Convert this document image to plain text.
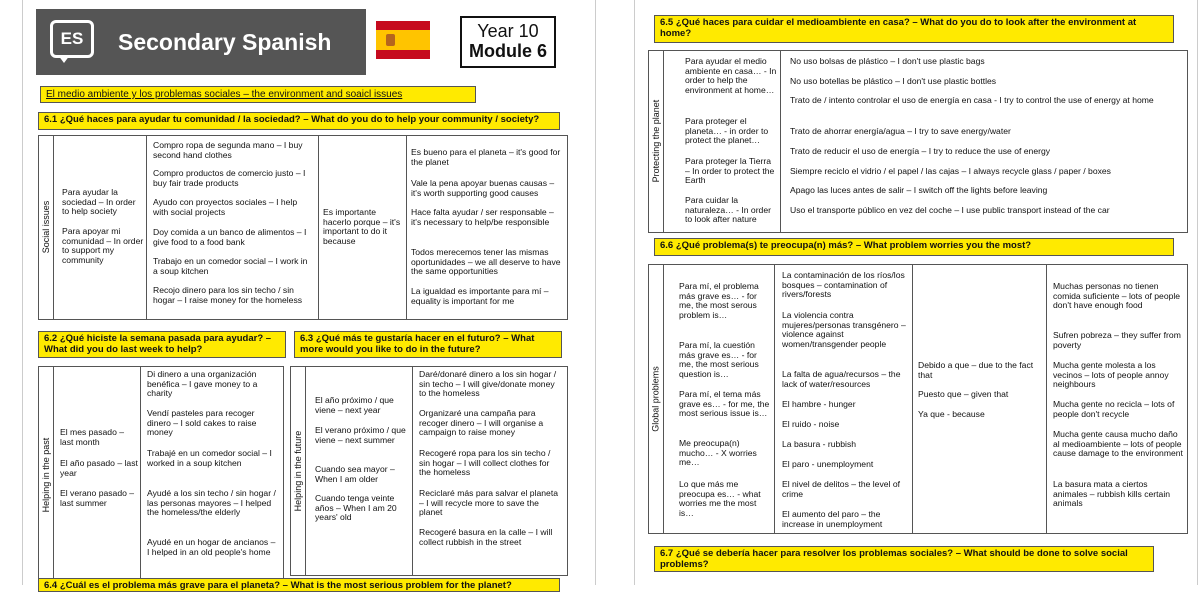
ES Secondary Spanish	Year 10
Module 6
El medio ambiente y los problemas sociales – the environment and soaicl issues
6.1 ¿Qué haces para ayudar tu comunidad / la sociedad? – What do you do to help your community / society?
Social issues
Para ayudar la sociedad – In order to help society
Para apoyar mi comunidad – In order to support my community
Compro ropa de segunda mano – I buy second hand clothes
Compro productos de comercio justo – I buy fair trade products
Ayudo con proyectos sociales – I help with social projects
Doy comida a un banco de alimentos – I give food to a food bank
Trabajo en un comedor social – I work in a soup kitchen
Recojo dinero para los sin techo / sin hogar – I raise money for the homeless
Es importante hacerlo porque – it's important to do it because
Es bueno para el planeta – it's good for the planet
Vale la pena apoyar buenas causas – it's worth supporting good causes
Hace falta ayudar / ser responsable – it's necessary to help/be responsible
Todos merecemos tener las mismas oportunidades – we all deserve to have the same opportunities
La igualdad es importante para mí – equality is important for me
6.2 ¿Qué hiciste la semana pasada para ayudar? – What did you do last week to help?
Helping in the past
El mes pasado – last month
El año pasado – last year
El verano pasado – last summer
Di dinero a una organización benéfica – I gave money to a charity
Vendí pasteles para recoger dinero – I sold cakes to raise money
Trabajé en un comedor social – I worked in a soup kitchen
Ayudé a los sin techo / sin hogar / las personas mayores – I helped the homeless/the elderly
Ayudé en un hogar de ancianos – I helped in an old people's home
6.3 ¿Qué más te gustaría hacer en el futuro? – What more would you like to do in the future?
Helping in the future
El año próximo / que viene – next year
El verano próximo / que viene – next summer
Cuando sea mayor – When I am older
Cuando tenga veinte años – When I am 20 years' old
Daré/donaré dinero a los sin hogar / sin techo – I will give/donate money to the homeless
Organizaré una campaña para recoger dinero – I will organise a campaign to raise money
Recogeré ropa para los sin techo / sin hogar – I will collect clothes for the homeless
Reciclaré más para salvar el planeta – I will recycle more to save the planet
Recogeré basura en la calle – I will collect rubbish in the street
6.4 ¿Cuál es el problema más grave para el planeta? – What is the most serious problem for the planet?
6.5 ¿Qué haces para cuidar el medioambiente en casa? – What do you do to look after the environment at home?
Protecting the planet
Para ayudar el medio ambiente en casa… - In order to help the environment at home…
Para proteger el planeta… - in order to protect the planet…
Para proteger la Tierra – In order to protect the Earth
Para cuidar la naturaleza… - In order to look after nature
No uso bolsas de plástico – I don't use plastic bags
No uso botellas be plástico – I don't use plastic bottles
Trato de / intento controlar el uso de energía en casa - I try to control the use of energy at home
Trato de ahorrar energía/agua – I try to save energy/water
Trato de reducir el uso de energía – I try to reduce the use of energy
Siempre reciclo el vidrio / el papel / las cajas – I always recycle glass / paper / boxes
Apago las luces antes de salir – I switch off the lights before leaving
Uso el transporte público en vez del coche – I use public transport instead of the car
6.6 ¿Qué problema(s) te preocupa(n) más? – What problem worries you the most?
Global problems
Para mí, el problema más grave es… - for me, the most serous problem is…
Para mí, la cuestión más grave es… - for me, the most serious question is…
Para mí, el tema más grave es… - for me, the most serious issue is…
Me preocupa(n) mucho… - X worries me…
Lo que más me preocupa es… - what worries me the most is…
La contaminación de los ríos/los bosques – contamination of rivers/forests
La violencia contra mujeres/personas transgénero – violence against women/transgender people
La falta de agua/recursos – the lack of water/resources
El hambre - hunger
El ruido - noise
La basura - rubbish
El paro - unemployment
El nivel de delitos – the level of crime
El aumento del paro – the increase in unemployment
Debido a que – due to the fact that
Puesto que – given that
Ya que - because
Muchas personas no tienen comida suficiente – lots of people don't have enough food
Sufren pobreza – they suffer from poverty
Mucha gente molesta a los vecinos – lots of people annoy neighbours
Mucha gente no recicla – lots of people don't recycle
Mucha gente causa mucho daño al medioambiente – lots of people cause damage to the environment
La basura mata a ciertos animales – rubbish kills certain animals
6.7 ¿Qué se debería hacer para resolver los problemas sociales? – What should be done to solve social problems?
